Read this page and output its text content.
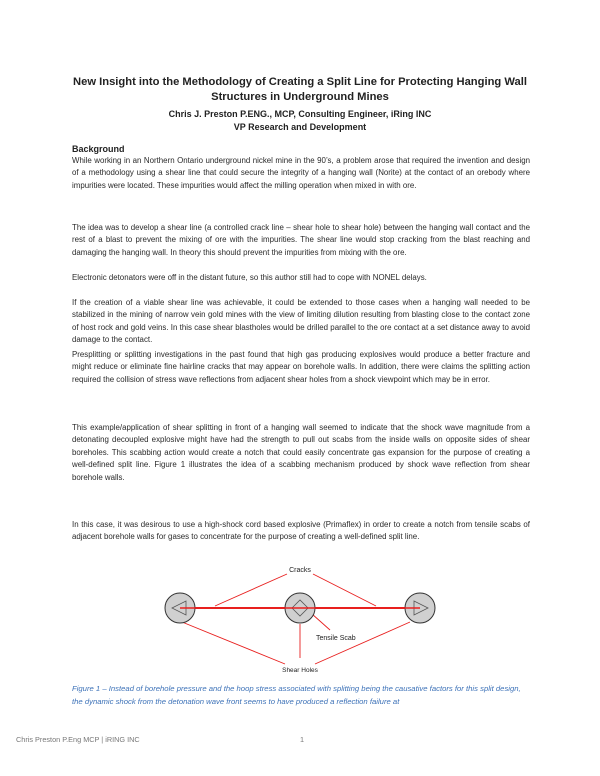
New Insight into the Methodology of Creating a Split Line for Protecting Hanging Wall Structures in Underground Mines
Chris J. Preston P.ENG., MCP, Consulting Engineer, iRing INC
VP Research and Development
Background

While working in an Northern Ontario underground nickel mine in the 90’s, a problem arose that required the invention and design of a methodology using a shear line that could secure the integrity of a hanging wall (Norite) at the contact of an orebody where impurities were located. These impurities would affect the milling operation when mixed in with ore.

The idea was to develop a shear line (a controlled crack line – shear hole to shear hole) between the hanging wall contact and the rest of a blast to prevent the mixing of ore with the impurities. The shear line would stop cracking from the blast reaching and damaging the hanging wall. In theory this should prevent the impurities from mixing with the ore.

Electronic detonators were off in the distant future, so this author still had to cope with NONEL delays.

If the creation of a viable shear line was achievable, it could be extended to those cases when a hanging wall needed to be stabilized in the mining of narrow vein gold mines with the view of limiting dilution resulting from blasting close to the contact zone of host rock and gold veins. In this case shear blastholes would be drilled parallel to the ore contact at a set distance away to avoid damage to the contact.

Presplitting or splitting investigations in the past found that high gas producing explosives would produce a better fracture and might reduce or eliminate fine hairline cracks that may appear on borehole walls. In addition, there were claims the splitting action required the collision of stress wave reflections from adjacent shear holes from a shock viewpoint which may be in error.

This example/application of shear splitting in front of a hanging wall seemed to indicate that the shock wave magnitude from a detonating decoupled explosive might have had the strength to pull out scabs from the inside walls on opposite sides of shear boreholes. This scabbing action would create a notch that could easily concentrate gas expansion for the purpose of creating a well-defined split line. Figure 1 illustrates the idea of a scabbing mechanism produced by shock wave reflection from shear borehole walls.

In this case, it was desirous to use a high-shock cord based explosive (Primaflex) in order to create a notch from tensile scabs of adjacent borehole walls for gases to concentrate for the purpose of creating a well-defined split line.

Cracks
Tensile Scab
Shear Holes

Figure 1 – Instead of borehole pressure and the hoop stress associated with splitting being the causative factors for this split design, the dynamic shock from the detonation wave front seems to have produced a reflection failure at

Chris Preston P.Eng MCP | iRING INC	1
